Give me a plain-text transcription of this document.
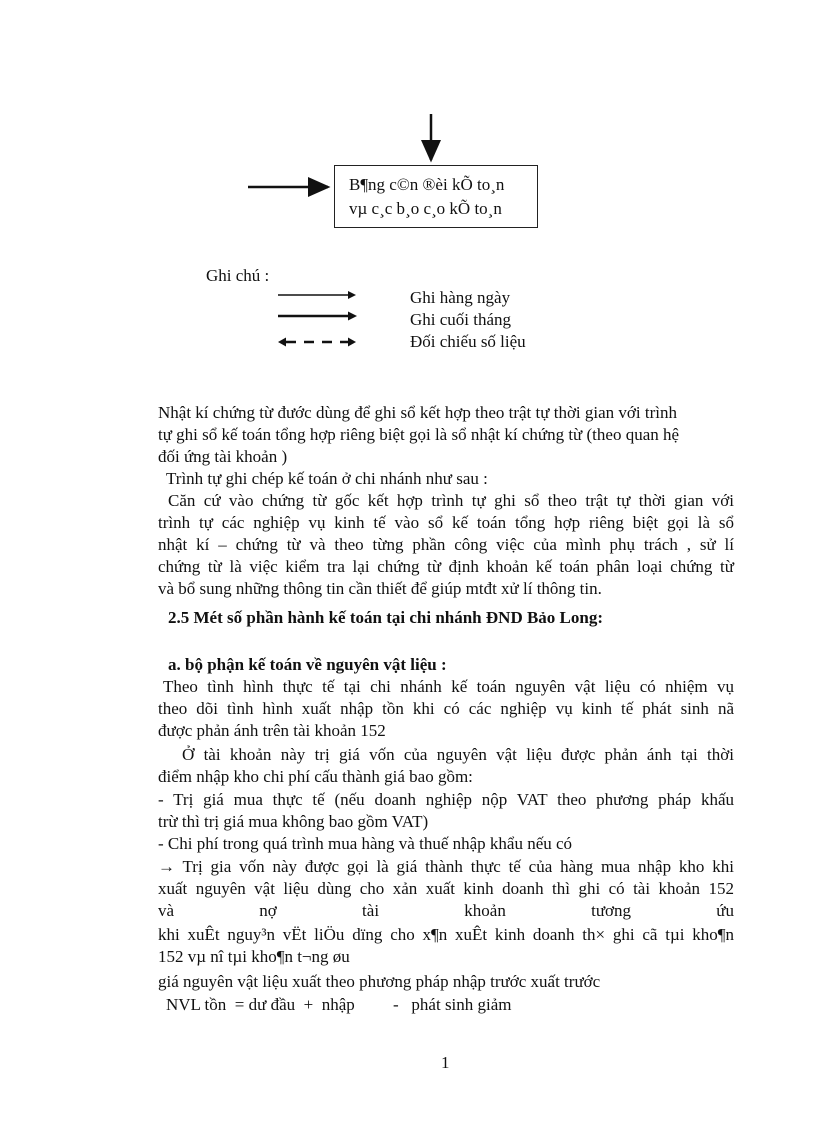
B¶ng c©n ®èi kÕ to¸n
vµ c¸c b¸o c¸o kÕ to¸n
Ghi chú :
Ghi hàng ngày
Ghi cuối tháng
Đối chiếu số liệu
Nhật kí chứng từ đước dùng để ghi sổ kết hợp theo trật tự thời gian với trình
tự ghi sổ kế toán tổng hợp riêng biệt gọi là sổ nhật kí chứng từ (theo quan hệ
đối ứng tài khoản )
Trình tự ghi chép kế toán ở chi nhánh như sau :
Căn cứ vào chứng từ gốc kết hợp trình tự ghi sổ theo trật tự thời gian với
trình tự các nghiệp vụ kinh tế vào sổ kế toán tổng hợp riêng biệt gọi là sổ
nhật kí – chứng từ và theo từng phần công việc của mình phụ trách , sử lí
chứng từ là việc kiểm tra lại chứng từ định khoản kế toán phân loại chứng từ
và bổ sung những thông tin cần thiết để giúp mtđt xử lí thông tin.
2.5 Mét số phần hành kế toán tại chi nhánh ĐND Bảo Long:
a. bộ phận kế toán về nguyên vật liệu :
Theo tình hình thực tế tại chi nhánh kế toán nguyên vật liệu có nhiệm vụ
theo dõi tình hình xuất nhập tồn khi có các nghiệp vụ kinh tế phát sinh nã
được phản ánh trên tài khoản 152
Ở tài khoản này trị giá vốn của nguyên vật liệu được phản ánh tại thời
điểm nhập kho chi phí cấu thành giá bao gồm:
- Trị giá mua thực tế (nếu doanh nghiệp nộp VAT theo phương pháp khấu
trừ thì trị giá mua không bao gồm VAT)
- Chi phí trong quá trình mua hàng và thuế nhập khẩu nếu có
→ Trị gia vốn này được gọi là giá thành thực tế của hàng mua nhập kho khi
xuất nguyên vật liệu dùng cho xản xuất kinh doanh thì ghi có tài khoản 152
và nợ tài khoản tương ứu
khi xuÊt nguy³n vËt liÖu dïng cho x¶n xuÊt kinh doanh th× ghi cã tµi kho¶n
152 vµ nî tµi kho¶n t¬ng øu
giá nguyên vật liệu xuất theo phương pháp nhập trước xuất trước
NVL tồn  = dư đầu  +  nhập         -   phát sinh giảm
1
